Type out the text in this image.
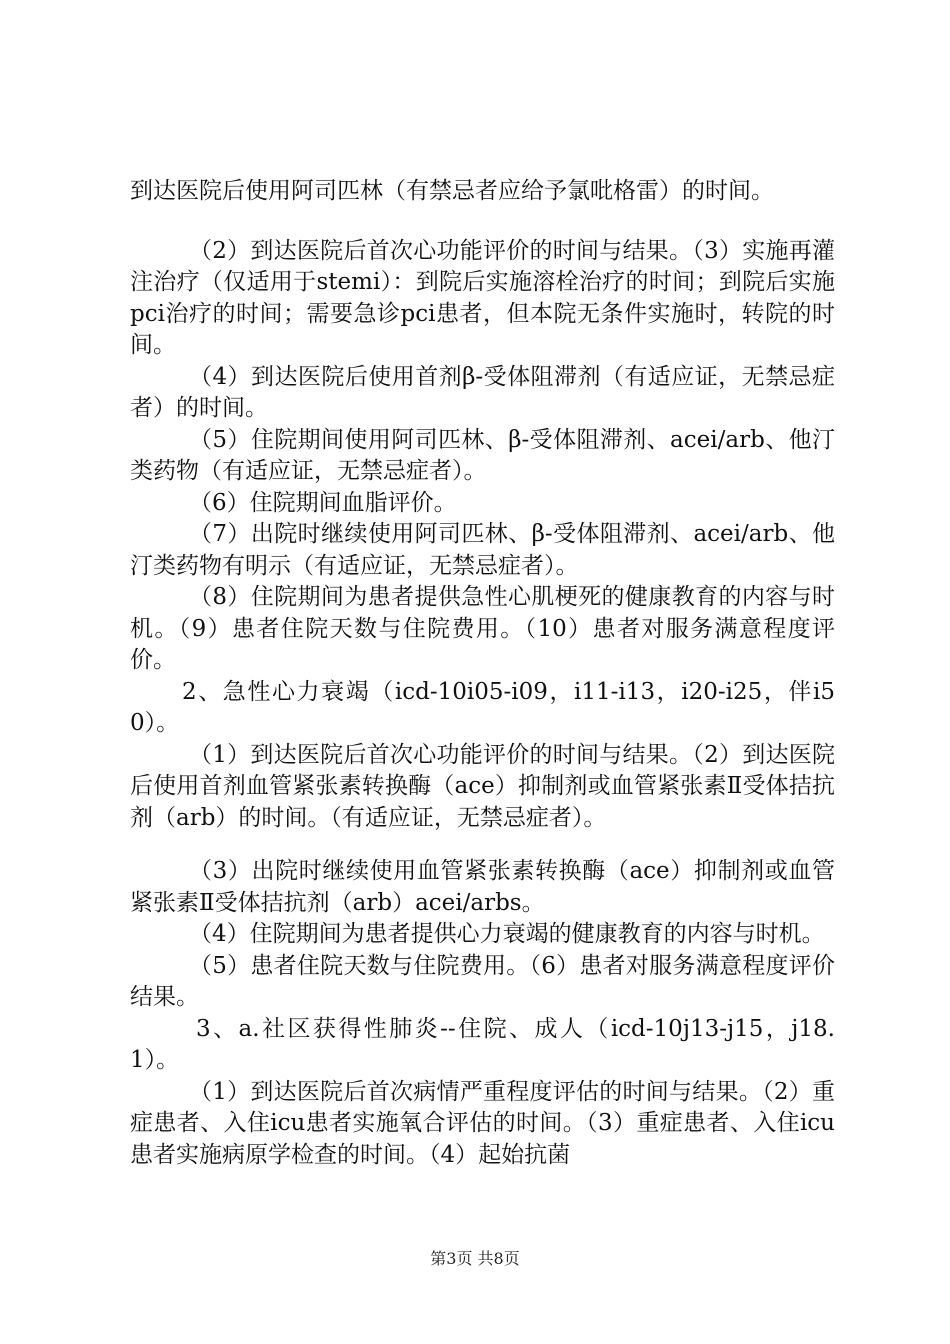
到达医院后使用阿司匹林（有禁忌者应给予氯吡格雷）的时间。

（2）到达医院后首次心功能评价的时间与结果。（3）实施再灌注治疗（仅适用于stemi）：到院后实施溶栓治疗的时间；到院后实施pci治疗的时间；需要急诊pci患者，但本院无条件实施时，转院的时间。

（4）到达医院后使用首剂β-受体阻滞剂（有适应证，无禁忌症者）的时间。

（5）住院期间使用阿司匹林、β-受体阻滞剂、acei/arb、他汀类药物（有适应证，无禁忌症者）。

（6）住院期间血脂评价。

（7）出院时继续使用阿司匹林、β-受体阻滞剂、acei/arb、他汀类药物有明示（有适应证，无禁忌症者）。

（8）住院期间为患者提供急性心肌梗死的健康教育的内容与时机。（9）患者住院天数与住院费用。（10）患者对服务满意程度评价。

2、急性心力衰竭（icd-10i05-i09，i11-i13，i20-i25，伴i50）。

（1）到达医院后首次心功能评价的时间与结果。（2）到达医院后使用首剂血管紧张素转换酶（ace）抑制剂或血管紧张素Ⅱ受体拮抗剂（arb）的时间。（有适应证，无禁忌症者）。

（3）出院时继续使用血管紧张素转换酶（ace）抑制剂或血管紧张素Ⅱ受体拮抗剂（arb）acei/arbs。

（4）住院期间为患者提供心力衰竭的健康教育的内容与时机。

（5）患者住院天数与住院费用。（6）患者对服务满意程度评价结果。

3、a.社区获得性肺炎--住院、成人（icd-10j13-j15，j18.1）。

（1）到达医院后首次病情严重程度评估的时间与结果。（2）重症患者、入住icu患者实施氧合评估的时间。（3）重症患者、入住icu患者实施病原学检查的时间。（4）起始抗菌

第3页 共8页
